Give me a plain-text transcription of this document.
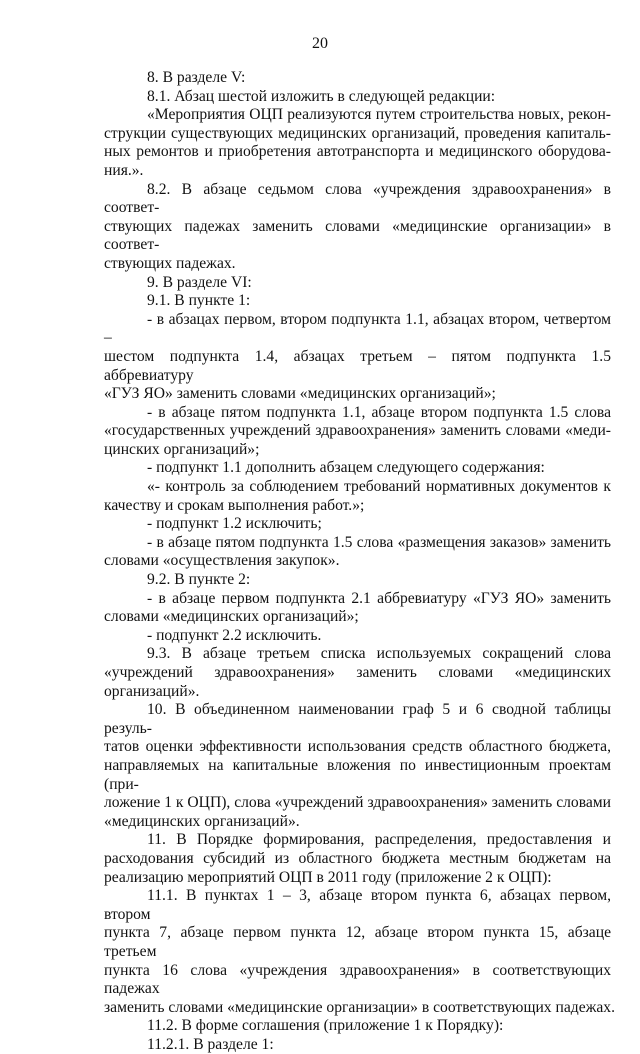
20
8. В разделе V:
8.1. Абзац шестой изложить в следующей редакции:
«Мероприятия ОЦП реализуются путем строительства новых, рекон-
струкции существующих медицинских организаций, проведения капиталь-
ных ремонтов и приобретения автотранспорта и медицинского оборудова-
ния.».
8.2. В абзаце седьмом слова «учреждения здравоохранения» в соответ-
ствующих падежах заменить словами «медицинские организации» в соответ-
ствующих падежах.
9. В разделе VI:
9.1. В пункте 1:
- в абзацах первом, втором подпункта 1.1, абзацах втором, четвертом –
шестом подпункта 1.4, абзацах третьем – пятом подпункта 1.5 аббревиатуру
«ГУЗ ЯО» заменить словами «медицинских организаций»;
- в абзаце пятом подпункта 1.1, абзаце втором подпункта 1.5 слова
«государственных учреждений здравоохранения» заменить словами «меди-
цинских организаций»;
- подпункт 1.1 дополнить абзацем следующего содержания:
«- контроль за соблюдением требований нормативных документов к
качеству и срокам выполнения работ.»;
- подпункт 1.2 исключить;
- в абзаце пятом подпункта 1.5 слова «размещения заказов» заменить
словами «осуществления закупок».
9.2. В пункте 2:
- в абзаце первом подпункта 2.1 аббревиатуру «ГУЗ ЯО» заменить
словами «медицинских организаций»;
- подпункт 2.2 исключить.
9.3. В абзаце третьем списка используемых сокращений слова
«учреждений здравоохранения» заменить словами «медицинских
организаций».
10. В объединенном наименовании граф 5 и 6 сводной таблицы резуль-
татов оценки эффективности использования средств областного бюджета,
направляемых на капитальные вложения по инвестиционным проектам (при-
ложение 1 к ОЦП), слова «учреждений здравоохранения» заменить словами
«медицинских организаций».
11. В Порядке формирования, распределения, предоставления и
расходования субсидий из областного бюджета местным бюджетам на
реализацию мероприятий ОЦП в 2011 году (приложение 2 к ОЦП):
11.1. В пунктах 1 – 3, абзаце втором пункта 6, абзацах первом, втором
пункта 7, абзаце первом пункта 12, абзаце втором пункта 15, абзаце третьем
пункта 16 слова «учреждения здравоохранения» в соответствующих падежах
заменить словами «медицинские организации» в соответствующих падежах.
11.2. В форме соглашения (приложение 1 к Порядку):
11.2.1. В разделе 1:
